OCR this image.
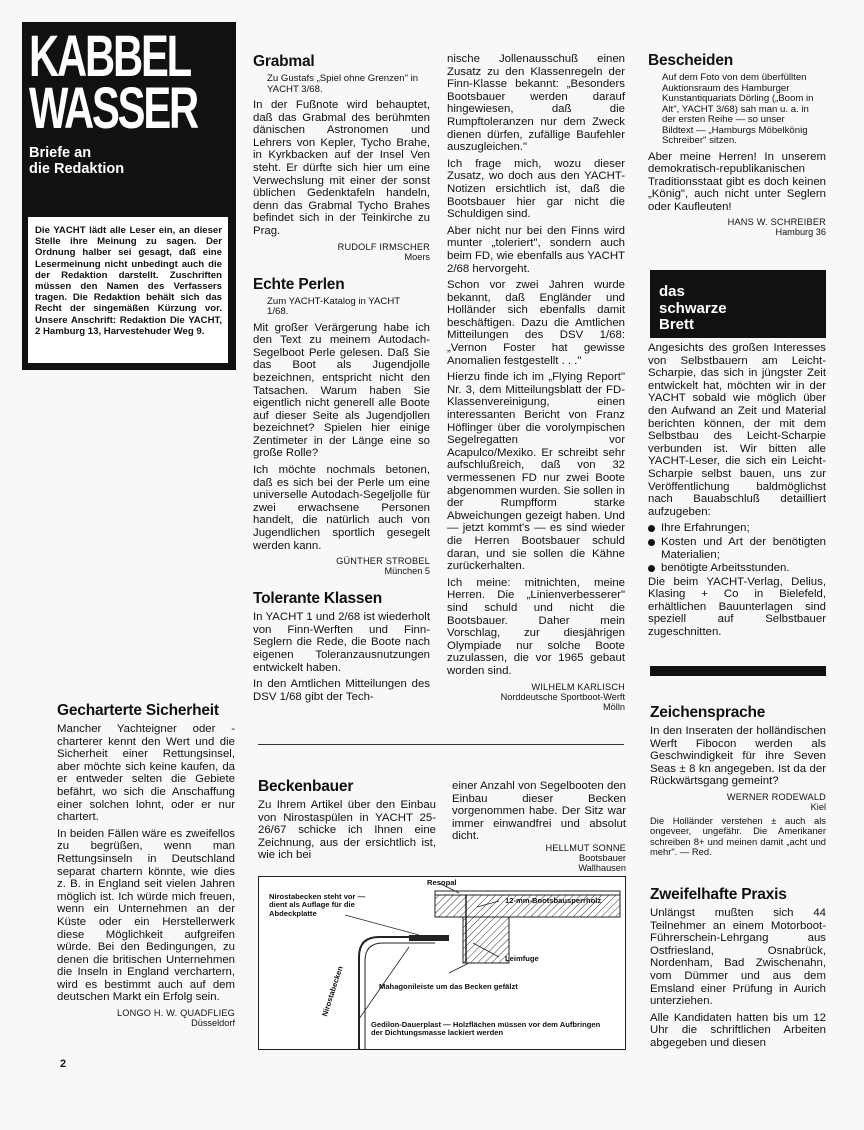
KABBEL
WASSER
Briefe an
die Redaktion
Die YACHT lädt alle Leser ein, an dieser Stelle ihre Meinung zu sagen. Der Ordnung halber sei gesagt, daß eine Lesermeinung nicht unbedingt auch die der Redaktion darstellt. Zuschriften müssen den Namen des Verfassers tragen. Die Redaktion behält sich das Recht der singemäßen Kürzung vor. Unsere Anschrift: Redaktion Die YACHT, 2 Hamburg 13, Harvestehuder Weg 9.
Gecharterte Sicherheit

Mancher Yachteigner oder -charterer kennt den Wert und die Sicherheit einer Rettungsinsel, aber möchte sich keine kaufen, da er entweder selten die Gebiete befährt, wo sich die Anschaffung einer solchen lohnt, oder er nur chartert.

In beiden Fällen wäre es zweifellos zu begrüßen, wenn man Rettungsinseln in Deutschland separat chartern könnte, wie dies z. B. in England seit vielen Jahren möglich ist. Ich würde mich freuen, wenn ein Unternehmen an der Küste oder ein Herstellerwerk diese Möglichkeit aufgreifen würde. Bei den Bedingungen, zu denen die britischen Unternehmen die Inseln in England verchartern, wird es bestimmt auch auf dem deutschen Markt ein Erfolg sein.

LONGO H. W. QUADFLIEG
Düsseldorf
Grabmal

Zu Gustafs „Spiel ohne Grenzen" in YACHT 3/68.

In der Fußnote wird behauptet, daß das Grabmal des berühmten dänischen Astronomen und Lehrers von Kepler, Tycho Brahe, in Kyrkbacken auf der Insel Ven steht. Er dürfte sich hier um eine Verwechslung mit einer der sonst üblichen Gedenktafeln handeln, denn das Grabmal Tycho Brahes befindet sich in der Teinkirche zu Prag.

RUDOLF IRMSCHER
Moers
Echte Perlen

Zum YACHT-Katalog in YACHT 1/68.

Mit großer Verärgerung habe ich den Text zu meinem Autodach-Segelboot Perle gelesen. Daß Sie das Boot als Jugendjolle bezeichnen, entspricht nicht den Tatsachen. Warum haben Sie eigentlich nicht generell alle Boote auf dieser Seite als Jugendjollen bezeichnet? Spielen hier einige Zentimeter in der Länge eine so große Rolle?

Ich möchte nochmals betonen, daß es sich bei der Perle um eine universelle Autodach-Segeljolle für zwei erwachsene Personen handelt, die natürlich auch von Jugendlichen sportlich gesegelt werden kann.

GÜNTHER STROBEL
München 5
Tolerante Klassen

In YACHT 1 und 2/68 ist wiederholt von Finn-Werften und Finn-Seglern die Rede, die Boote nach eigenen Toleranzausnutzungen entwickelt haben.

In den Amtlichen Mitteilungen des DSV 1/68 gibt der Tech-

nische Jollenausschuß einen Zusatz zu den Klassenregeln der Finn-Klasse bekannt: „Besonders Bootsbauer werden darauf hingewiesen, daß die Rumpftoleranzen nur dem Zweck dienen dürfen, zufällige Baufehler auszugleichen."

Ich frage mich, wozu dieser Zusatz, wo doch aus den YACHT-Notizen ersichtlich ist, daß die Bootsbauer hier gar nicht die Schuldigen sind.

Aber nicht nur bei den Finns wird munter „toleriert", sondern auch beim FD, wie ebenfalls aus YACHT 2/68 hervorgeht.

Schon vor zwei Jahren wurde bekannt, daß Engländer und Holländer sich ebenfalls damit beschäftigen. Dazu die Amtlichen Mitteilungen des DSV 1/68: „Vernon Foster hat gewisse Anomalien festgestellt . . ."

Hierzu finde ich im „Flying Report" Nr. 3, dem Mitteilungsblatt der FD-Klassenvereinigung, einen interessanten Bericht von Franz Höflinger über die vorolympischen Segelregatten vor Acapulco/Mexiko. Er schreibt sehr aufschlußreich, daß von 32 vermessenen FD nur zwei Boote abgenommen wurden. Sie sollen in der Rumpfform starke Abweichungen gezeigt haben. Und — jetzt kommt's — es sind wieder die Herren Bootsbauer schuld daran, und sie sollen die Kähne zurückerhalten.

Ich meine: mitnichten, meine Herren. Die „Linienverbesserer" sind schuld und nicht die Bootsbauer. Daher mein Vorschlag, zur diesjährigen Olympiade nur solche Boote zuzulassen, die vor 1965 gebaut worden sind.

WILHELM KARLISCH
Norddeutsche Sportboot-Werft
Mölln
Beckenbauer

Zu Ihrem Artikel über den Einbau von Nirostaspülen in YACHT 25-26/67 schicke ich Ihnen eine Zeichnung, aus der ersichtlich ist, wie ich bei

einer Anzahl von Segelbooten den Einbau dieser Becken vorgenommen habe. Der Sitz war immer einwandfrei und absolut dicht.

HELLMUT SONNE
Bootsbauer
Wallhausen
Resopal
Nirostabecken steht vor — dient als Auflage für die Abdeckplatte
12-mm-Bootsbausperrholz
Leimfuge
Mahagonileiste um das Becken gefälzt
Nirostabecken
Gedilon-Dauerplast — Holzflächen müssen vor dem Aufbringen der Dichtungsmasse lackiert werden
Bescheiden

Auf dem Foto von dem überfüllten Auktionsraum des Hamburger Kunstantiquariats Dörling („Boom in Alt", YACHT 3/68) sah man u. a. in der ersten Reihe — so unser Bildtext — „Hamburgs Möbelkönig Schreiber" sitzen.

Aber meine Herren! In unserem demokratisch-republikanischen Traditionsstaat gibt es doch keinen „König", auch nicht unter Seglern oder Kaufleuten!

HANS W. SCHREIBER
Hamburg 36
das
schwarze
Brett

Angesichts des großen Interesses von Selbstbauern am Leicht-Scharpie, das sich in jüngster Zeit entwickelt hat, möchten wir in der YACHT sobald wie möglich über den Aufwand an Zeit und Material berichten können, der mit dem Selbstbau des Leicht-Scharpie verbunden ist. Wir bitten alle YACHT-Leser, die sich ein Leicht-Scharpie selbst bauen, uns zur Veröffentlichung baldmöglichst nach Bauabschluß detailliert aufzugeben:

Ihre Erfahrungen;
Kosten und Art der benötigten Materialien;
benötigte Arbeitsstunden.

Die beim YACHT-Verlag, Delius, Klasing + Co in Bielefeld, erhältlichen Bauunterlagen sind speziell auf Selbstbauer zugeschnitten.

Zeichensprache

In den Inseraten der holländischen Werft Fibocon werden als Geschwindigkeit für ihre Seven Seas ± 8 kn angegeben. Ist da der Rückwärtsgang gemeint?

WERNER RODEWALD
Kiel

Die Holländer verstehen ± auch als ongeveer, ungefähr. Die Amerikaner schreiben 8+ und meinen damit „acht und mehr". — Red.

Zweifelhafte Praxis

Unlängst mußten sich 44 Teilnehmer an einem Motorboot-Führerschein-Lehrgang aus Ostfriesland, Osnabrück, Nordenham, Bad Zwischenahn, vom Dümmer und aus dem Emsland einer Prüfung in Aurich unterziehen.

Alle Kandidaten hatten bis um 12 Uhr die schriftlichen Arbeiten abgegeben und diesen

2
